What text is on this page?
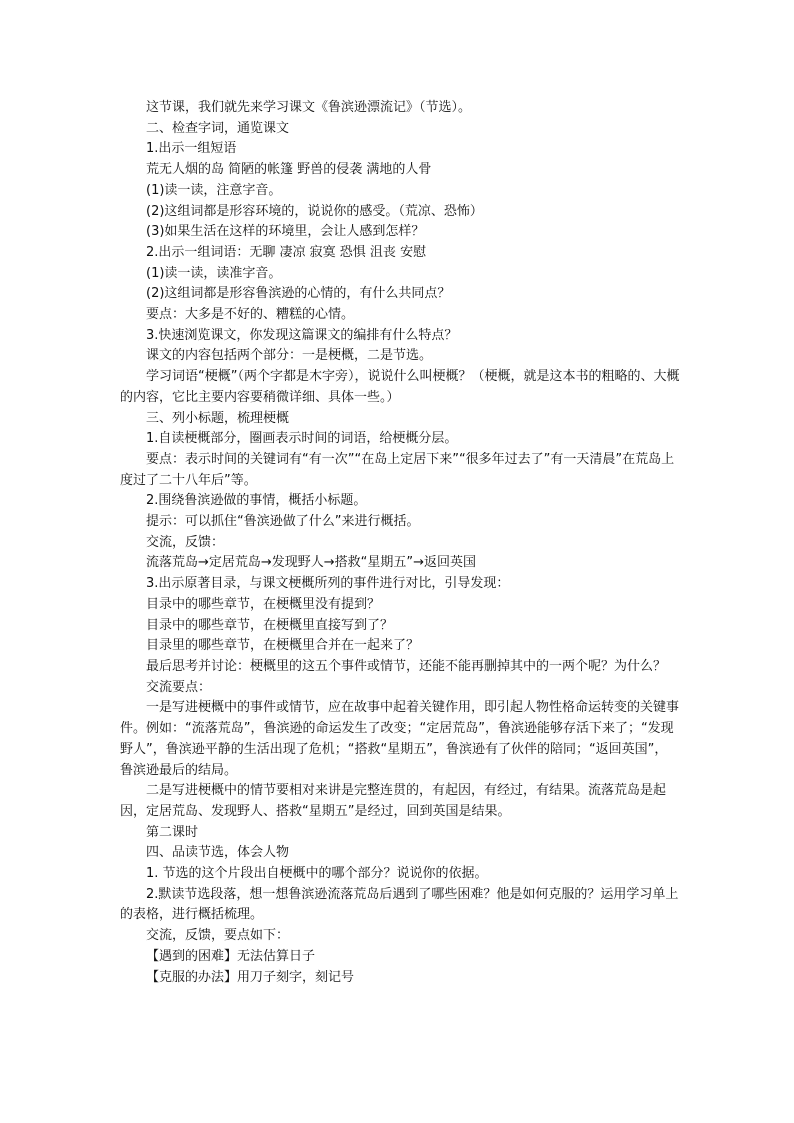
这节课，我们就先来学习课文《鲁滨逊漂流记》（节选）。

二、检查字词，通览课文

1.出示一组短语

荒无人烟的岛 简陋的帐篷 野兽的侵袭 满地的人骨

(1)读一读，注意字音。

(2)这组词都是形容环境的，说说你的感受。（荒凉、恐怖）

(3)如果生活在这样的环境里，会让人感到怎样？

2.出示一组词语：无聊 凄凉 寂寞 恐惧 沮丧 安慰

(1)读一读，读准字音。

(2)这组词都是形容鲁滨逊的心情的，有什么共同点？

要点：大多是不好的、糟糕的心情。

3.快速浏览课文，你发现这篇课文的编排有什么特点？

课文的内容包括两个部分：一是梗概，二是节选。

学习词语“梗概”（两个字都是木字旁），说说什么叫梗概？（梗概，就是这本书的粗略的、大概的内容，它比主要内容要稍微详细、具体一些。）

三、列小标题，梳理梗概

1.自读梗概部分，圈画表示时间的词语，给梗概分层。

要点：表示时间的关键词有“有一次”“在岛上定居下来”“很多年过去了”有一天清晨”在荒岛上度过了二十八年后”等。

2.围绕鲁滨逊做的事情，概括小标题。

提示：可以抓住“鲁滨逊做了什么”来进行概括。

交流，反馈：

流落荒岛→定居荒岛→发现野人→搭救“星期五”→返回英国

3.出示原著目录，与课文梗概所列的事件进行对比，引导发现：

目录中的哪些章节，在梗概里没有提到？

目录中的哪些章节，在梗概里直接写到了？

目录里的哪些章节，在梗概里合并在一起来了？

最后思考并讨论：梗概里的这五个事件或情节，还能不能再删掉其中的一两个呢？为什么？

交流要点：

一是写进梗概中的事件或情节，应在故事中起着关键作用，即引起人物性格命运转变的关键事件。例如：“流落荒岛”，鲁滨逊的命运发生了改变；“定居荒岛”，鲁滨逊能够存活下来了；“发现野人”，鲁滨逊平静的生活出现了危机；“搭救“星期五”，鲁滨逊有了伙伴的陪同；“返回英国”，鲁滨逊最后的结局。

二是写进梗概中的情节要相对来讲是完整连贯的，有起因，有经过，有结果。流落荒岛是起因，定居荒岛、发现野人、搭救“星期五”是经过，回到英国是结果。

第二课时

四、品读节选，体会人物

1. 节选的这个片段出自梗概中的哪个部分？说说你的依据。

2.默读节选段落，想一想鲁滨逊流落荒岛后遇到了哪些困难？他是如何克服的？运用学习单上的表格，进行概括梳理。

交流，反馈，要点如下：

【遇到的困难】无法估算日子

【克服的办法】用刀子刻字，刻记号
